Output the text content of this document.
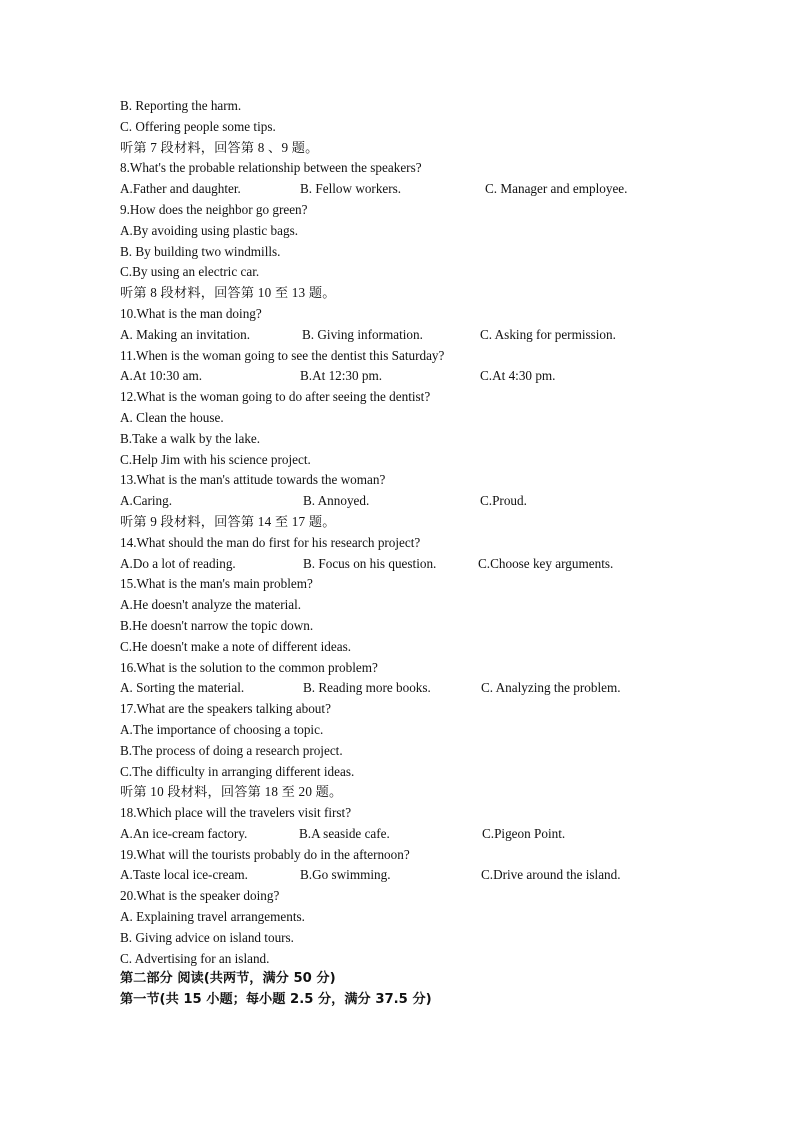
B. Reporting the harm.
C. Offering people some tips.
听第 7 段材料，回答第 8 、9 题。
8.What's the probable relationship between the speakers?
A.Father and daughter.	B. Fellow workers.	C. Manager and employee.
9.How does the neighbor go green?
A.By avoiding using plastic bags.
B. By building two windmills.
C.By using an electric car.
听第 8 段材料，回答第 10 至 13 题。
10.What is the man doing?
A. Making an invitation.	B. Giving information.	C. Asking for permission.
11.When is the woman going to see the dentist this Saturday?
A.At 10:30 am.	B.At 12:30 pm.	C.At 4:30 pm.
12.What is the woman going to do after seeing the dentist?
A. Clean the house.
B.Take a walk by the lake.
C.Help Jim with his science project.
13.What is the man's attitude towards the woman?
A.Caring.	B. Annoyed.	C.Proud.
听第 9 段材料，回答第 14 至 17 题。
14.What should the man do first for his research project?
A.Do a lot of reading.	B. Focus on his question.	C.Choose key arguments.
15.What is the man's main problem?
A.He doesn't analyze the material.
B.He doesn't narrow the topic down.
C.He doesn't make a note of different ideas.
16.What is the solution to the common problem?
A. Sorting the material.	B. Reading more books.	C. Analyzing the problem.
17.What are the speakers talking about?
A.The importance of choosing a topic.
B.The process of doing a research project.
C.The difficulty in arranging different ideas.
听第 10 段材料，回答第 18 至 20 题。
18.Which place will the travelers visit first?
A.An ice-cream factory.	B.A seaside cafe.	C.Pigeon Point.
19.What will the tourists probably do in the afternoon?
A.Taste local ice-cream.	B.Go swimming.	C.Drive around the island.
20.What is the speaker doing?
A. Explaining travel arrangements.
B. Giving advice on island tours.
C. Advertising for an island.
第二部分 阅读(共两节，满分 50 分)
第一节(共 15 小题；每小题 2.5 分，满分 37.5 分)
